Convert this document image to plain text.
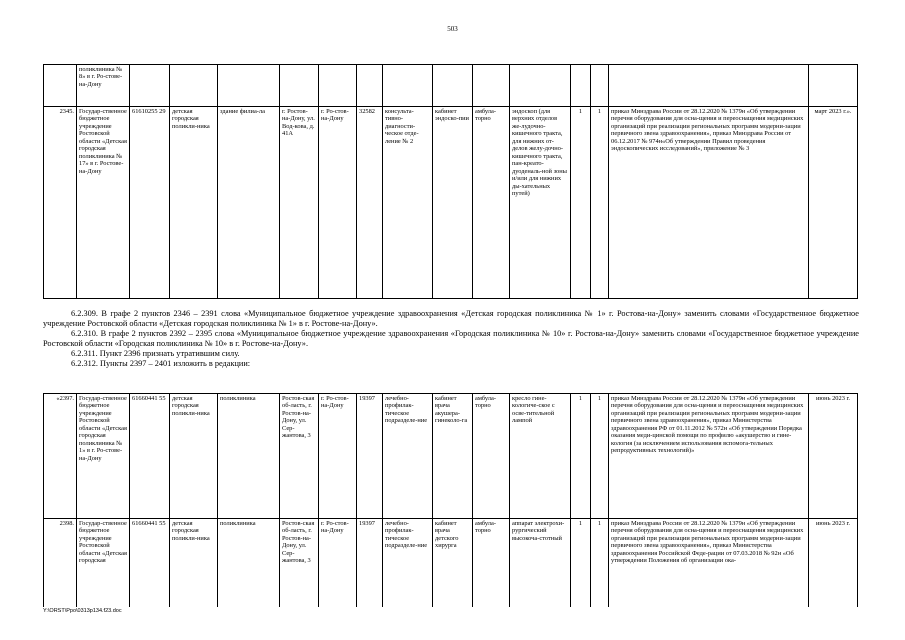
503
	поликлиника № 8» в г. Ро-стове-на-Дону														
2345.	Государ-ственное бюджетное учреждение Ростовской области «Детская городская поликлиника № 17» в г. Ростове-на-Дону	61610255 29	детская городская поликли-ника	здание филиа-ла	г. Ростов-на-Дону, ул. Вод-кова, д. 41А	г. Ро-стов-на-Дону	32582	консульта-тивно-диагности-ческое отде-ление № 2	кабинет эндоско-пии	амбула-торно	эндоскоп (для верхних отделов же-лудочно-кишечного тракта, для нижних от-делов желу-дочно-кишечного тракта, пан-креато-дуоденаль-ной зоны и/или для нижних ды-хательных путей)	1	1	приказ Минздрава России от 28.12.2020 № 1379н «Об утверждении перечня оборудования для осна-щения и переоснащения медицинских организаций при реализации региональных программ модерни-зации первичного звена здравоохранения», приказ Минздрава России от 06.12.2017 № 974н«Об утверждении Правил проведения эндоскопических исследований», приложение № 3	март 2023 г.».

6.2.309. В графе 2 пунктов 2346 – 2391 слова «Муниципальное бюджетное учреждение здравоохранения «Детская городская поликлиника № 1» г. Ростова-на-Дону» заменить словами «Государственное бюджетное учреждение Ростовской области «Детская городская поликлиника № 1» в г. Ростове-на-Дону».

6.2.310. В графе 2 пунктов 2392 – 2395 слова «Муниципальное бюджетное учреждение здравоохранения «Городская поликлиника № 10» г. Ростова-на-Дону» заменить словами «Государственное бюджетное учреждение Ростовской области «Городская поликлиника № 10» в г. Ростове-на-Дону».

6.2.311. Пункт 2396 признать утратившим силу.

6.2.312. Пункты 2397 – 2401 изложить в редакции:

«2397.	Государ-ственное бюджетное учреждение Ростовской области «Детская городская поликлиника № 1» в г. Ро-стове-на-Дону	61660441 55	детская городская поликли-ника	поликлиника	Ростов-ская об-ласть, г. Ростов-на-Дону, ул. Сер-жантова, 3	г. Ро-стов-на-Дону	19397	лечебно-профилак-тическое подразделе-ние	кабинет врача акушера-гинеколо-га	амбула-торно	кресло гине-кологиче-ское с осве-тительной лампой	1	1	приказ Минздрава России от 28.12.2020 № 1379н «Об утверждении перечня оборудования для осна-щения и переоснащения медицинских организаций при реализации региональных программ модерни-зации первичного звена здравоохранения», приказ Министерства здравоохранения РФ от 01.11.2012 № 572н «Об утверждении Порядка оказания меди-цинской помощи по профилю «акушерство и гине-кология (за исключением использования вспомога-тельных репродуктивных технологий)»	июнь 2023 г.
2398.	Государ-ственное бюджетное учреждение Ростовской области «Детская городская	61660441 55	детская городская поликли-ника	поликлиника	Ростов-ская об-ласть, г. Ростов-на-Дону, ул. Сер-жантова, 3	г. Ро-стов-на-Дону	19397	лечебно-профилак-тическое подразделе-ние	кабинет врача детского хирурга	амбула-торно	аппарат электрохи-рургический высокоча-стотный	1	1	приказ Минздрава России от 28.12.2020 № 1379н «Об утверждении перечня оборудования для осна-щения и переоснащения медицинских организаций при реализации региональных программ модерни-зации первичного звена здравоохранения», приказ Министерства здравоохранения Российской Феде-рации от 07.03.2018 № 92н «Об утверждении Положения об организации ока-	июнь 2023 г.
Y:\ORST\Ppo\0313p134.f23.doc
